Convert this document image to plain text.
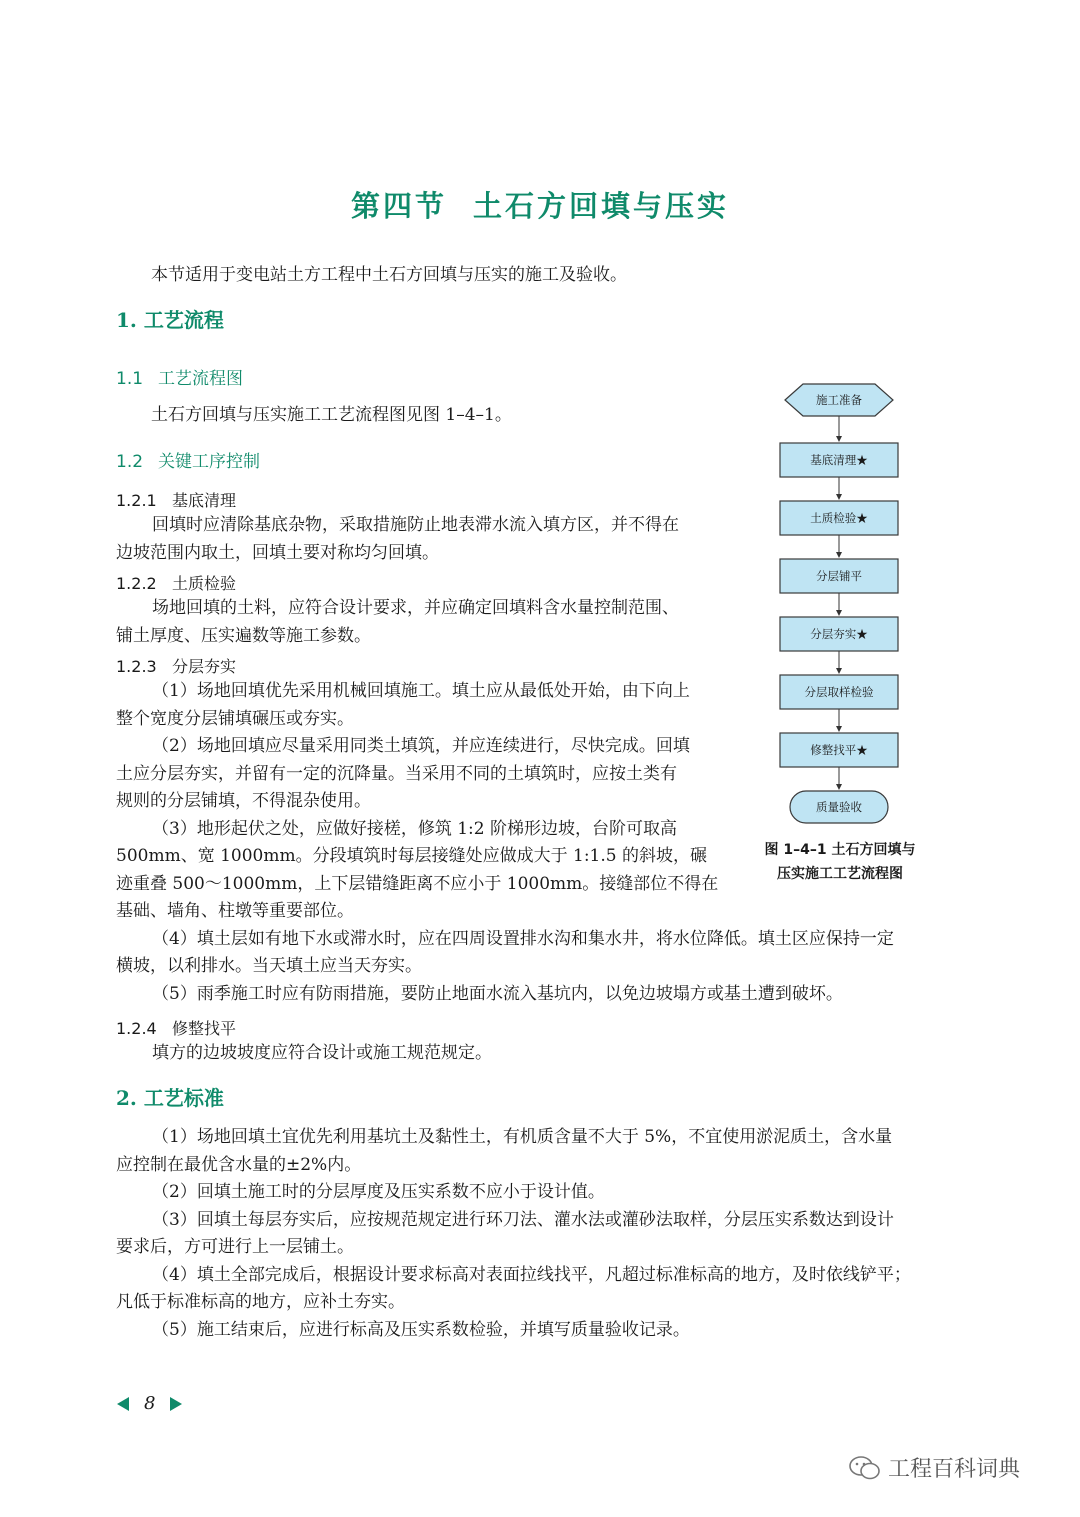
第四节 土石方回填与压实

本节适用于变电站土方工程中土石方回填与压实的施工及验收。

1. 工艺流程
1.1 工艺流程图

土石方回填与压实施工工艺流程图见图 1–4–1。

1.2 关键工序控制
1.2.1 基底清理

回填时应清除基底杂物，采取措施防止地表滞水流入填方区，并不得在

边坡范围内取土，回填土要对称均匀回填。

1.2.2 土质检验

场地回填的土料，应符合设计要求，并应确定回填料含水量控制范围、

铺土厚度、压实遍数等施工参数。

1.2.3 分层夯实

（1）场地回填优先采用机械回填施工。填土应从最低处开始，由下向上

整个宽度分层铺填碾压或夯实。

（2）场地回填应尽量采用同类土填筑，并应连续进行，尽快完成。回填

土应分层夯实，并留有一定的沉降量。当采用不同的土填筑时，应按土类有

规则的分层铺填，不得混杂使用。

（3）地形起伏之处，应做好接槎，修筑 1:2 阶梯形边坡，台阶可取高

500mm、宽 1000mm。分段填筑时每层接缝处应做成大于 1:1.5 的斜坡，碾

迹重叠 500～1000mm，上下层错缝距离不应小于 1000mm。接缝部位不得在

基础、墙角、柱墩等重要部位。

（4）填土层如有地下水或滞水时，应在四周设置排水沟和集水井，将水位降低。填土区应保持一定

横坡，以利排水。当天填土应当天夯实。

（5）雨季施工时应有防雨措施，要防止地面水流入基坑内，以免边坡塌方或基土遭到破坏。

1.2.4 修整找平

填方的边坡坡度应符合设计或施工规范规定。

2. 工艺标准

（1）场地回填土宜优先利用基坑土及黏性土，有机质含量不大于 5%，不宜使用淤泥质土，含水量

应控制在最优含水量的±2%内。

（2）回填土施工时的分层厚度及压实系数不应小于设计值。

（3）回填土每层夯实后，应按规范规定进行环刀法、灌水法或灌砂法取样，分层压实系数达到设计

要求后，方可进行上一层铺土。

（4）填土全部完成后，根据设计要求标高对表面拉线找平，凡超过标准标高的地方，及时依线铲平；

凡低于标准标高的地方，应补土夯实。

（5）施工结束后，应进行标高及压实系数检验，并填写质量验收记录。

施工准备
基底清理★
土质检验★
分层铺平
分层夯实★
分层取样检验
修整找平★
质量验收
图 1–4–1 土石方回填与
压实施工工艺流程图
8
工程百科词典
